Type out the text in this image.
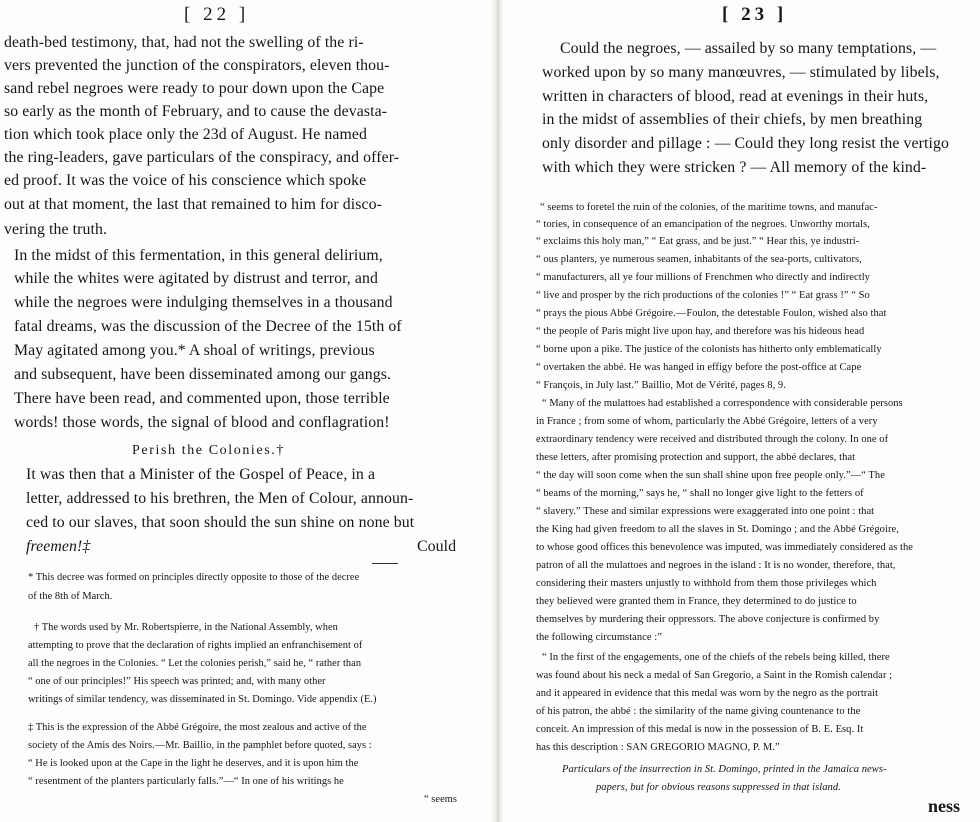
[ 22 ]
death-bed testimony, that, had not the swelling of the ri-
vers prevented the junction of the conspirators, eleven thou-
sand rebel negroes were ready to pour down upon the Cape
so early as the month of February, and to cause the devasta-
tion which took place only the 23d of August. He named
the ring-leaders, gave particulars of the conspiracy, and offer-
ed proof. It was the voice of his conscience which spoke
out at that moment, the last that remained to him for disco-
vering the truth.
In the midst of this fermentation, in this general delirium,
while the whites were agitated by distrust and terror, and
while the negroes were indulging themselves in a thousand
fatal dreams, was the discussion of the Decree of the 15th of
May agitated among you.* A shoal of writings, previous
and subsequent, have been disseminated among our gangs.
There have been read, and commented upon, those terrible
words! those words, the signal of blood and conflagration!
Perish the Colonies.†
It was then that a Minister of the Gospel of Peace, in a
letter, addressed to his brethren, the Men of Colour, announ-
ced to our slaves, that soon should the sun shine on none but
freemen!‡	Could
* This decree was formed on principles directly opposite to those of the decree
of the 8th of March.
† The words used by Mr. Robertspierre, in the National Assembly, when
attempting to prove that the declaration of rights implied an enfranchisement of
all the negroes in the Colonies. “ Let the colonies perish,” said he, “ rather than
“ one of our principles!” His speech was printed; and, with many other
writings of similar tendency, was disseminated in St. Domingo. Vide appendix (E.)
‡ This is the expression of the Abbé Grégoire, the most zealous and active of the
society of the Amis des Noirs.—Mr. Baillio, in the pamphlet before quoted, says :
“ He is looked upon at the Cape in the light he deserves, and it is upon him the
“ resentment of the planters particularly falls.”—“ In one of his writings he
“ seems
[ 23 ]
Could the negroes, — assailed by so many temptations, —
worked upon by so many manœuvres, — stimulated by libels,
written in characters of blood, read at evenings in their huts,
in the midst of assemblies of their chiefs, by men breathing
only disorder and pillage : — Could they long resist the vertigo
with which they were stricken ? — All memory of the kind-
“ seems to foretel the ruin of the colonies, of the maritime towns, and manufac-
“ tories, in consequence of an emancipation of the negroes. Unworthy mortals,
“ exclaims this holy man,” “ Eat grass, and be just.” “ Hear this, ye industri-
“ ous planters, ye numerous seamen, inhabitants of the sea-ports, cultivators,
“ manufacturers, all ye four millions of Frenchmen who directly and indirectly
“ live and prosper by the rich productions of the colonies !” “ Eat grass !” “ So
“ prays the pious Abbé Grégoire.—Foulon, the detestable Foulon, wished also that
“ the people of Paris might live upon hay, and therefore was his hideous head
“ borne upon a pike. The justice of the colonists has hitherto only emblematically
“ overtaken the abbé. He was hanged in effigy before the post-office at Cape
“ François, in July last.” Baillio, Mot de Vérité, pages 8, 9.
“ Many of the mulattoes had established a correspondence with considerable persons
in France ; from some of whom, particularly the Abbé Grégoire, letters of a very
extraordinary tendency were received and distributed through the colony. In one of
these letters, after promising protection and support, the abbé declares, that
“ the day will soon come when the sun shall shine upon free people only.”—“ The
“ beams of the morning,” says he, “ shall no longer give light to the fetters of
“ slavery.” These and similar expressions were exaggerated into one point : that
the King had given freedom to all the slaves in St. Domingo ; and the Abbé Grégoire,
to whose good offices this benevolence was imputed, was immediately considered as the
patron of all the mulattoes and negroes in the island : It is no wonder, therefore, that,
considering their masters unjustly to withhold from them those privileges which
they believed were granted them in France, they determined to do justice to
themselves by murdering their oppressors. The above conjecture is confirmed by
the following circumstance :”
“ In the first of the engagements, one of the chiefs of the rebels being killed, there
was found about his neck a medal of San Gregorio, a Saint in the Romish calendar ;
and it appeared in evidence that this medal was worn by the negro as the portrait
of his patron, the abbé : the similarity of the name giving countenance to the
conceit. An impression of this medal is now in the possession of B. E. Esq. It
has this description : SAN GREGORIO MAGNO, P. M.”
Particulars of the insurrection in St. Domingo, printed in the Jamaica news-
papers, but for obvious reasons suppressed in that island.
ness
